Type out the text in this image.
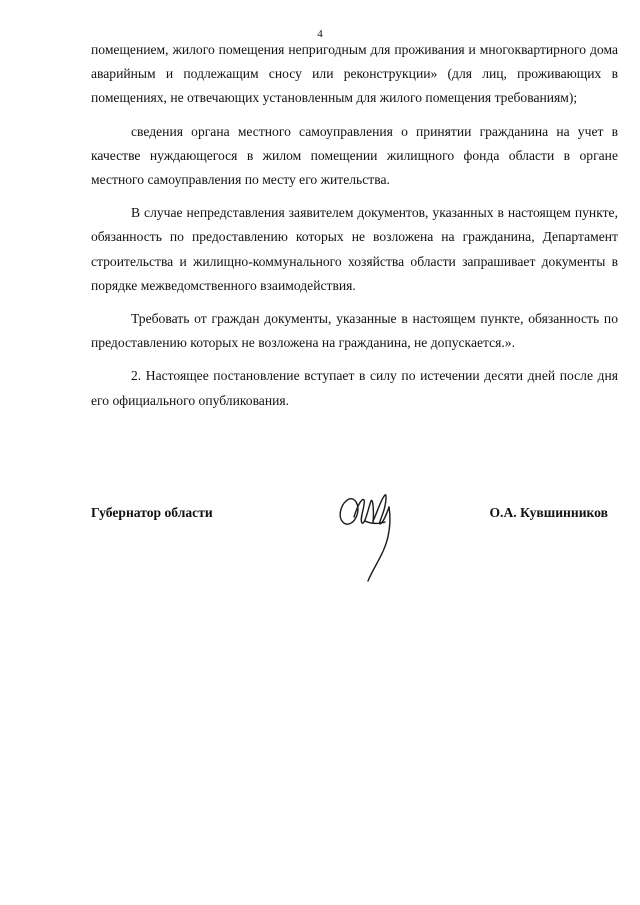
4

помещением, жилого помещения непригодным для проживания и многоквартирного дома аварийным и подлежащим сносу или реконструкции» (для лиц, проживающих в помещениях, не отвечающих установленным для жилого помещения требованиям);

сведения органа местного самоуправления о принятии гражданина на учет в качестве нуждающегося в жилом помещении жилищного фонда области в органе местного самоуправления по месту его жительства.

В случае непредставления заявителем документов, указанных в настоящем пункте, обязанность по предоставлению которых не возложена на гражданина, Департамент строительства и жилищно-коммунального хозяйства области запрашивает документы в порядке межведомственного взаимодействия.

Требовать от граждан документы, указанные в настоящем пункте, обязанность по предоставлению которых не возложена на гражданина, не допускается.».

2. Настоящее постановление вступает в силу по истечении десяти дней после дня его официального опубликования.

Губернатор области	О.А. Кувшинников
